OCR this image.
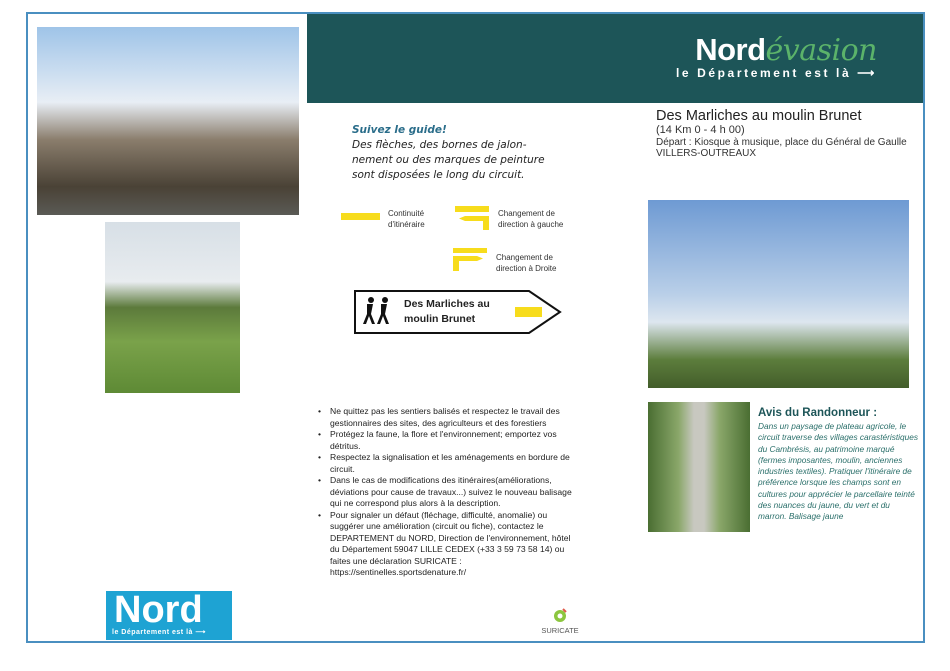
Nordévasion
le Département est là ⟶
Des Marliches au moulin Brunet
(14 Km 0 - 4 h 00)
Départ : Kiosque à musique, place du Général de Gaulle
VILLERS-OUTREAUX
Suivez le guide!
Des flèches, des bornes de jalon-
nement ou des marques de peinture
sont disposées le long du circuit.
Continuité d'itinéraire
Changement de direction à gauche
Changement de direction à Droite
Des Marliches au
moulin Brunet
• Ne quittez pas les sentiers balisés et respectez le travail des gestionnaires des sites, des agriculteurs et des forestiers
• Protégez la faune, la flore et l'environnement; emportez vos détritus.
• Respectez la signalisation et les aménagements en bordure de circuit.
• Dans le cas de modifications des itinéraires(améliorations, déviations pour cause de travaux...) suivez le nouveau balisage qui ne correspond plus alors à la description.
• Pour signaler un défaut (fléchage, difficulté, anomalie) ou suggérer une amélioration (circuit ou fiche), contactez le DEPARTEMENT du NORD, Direction de l'environnement, hôtel du Département 59047 LILLE CEDEX (+33 3 59 73 58 14) ou faites une déclaration SURICATE : https://sentinelles.sportsdenature.fr/
Avis du Randonneur :

Dans un paysage de plateau agricole, le circuit traverse des villages carastéristiques du Cambrésis, au patrimoine marqué (fermes imposantes, moulin, anciennes industries textiles). Pratiquer l'itinéraire de préférence lorsque les champs sont en cultures pour apprécier le parcellaire teinté des nuances du jaune, du vert et du marron. Balisage jaune

Nord
le Département est là ⟶	SURICATE
